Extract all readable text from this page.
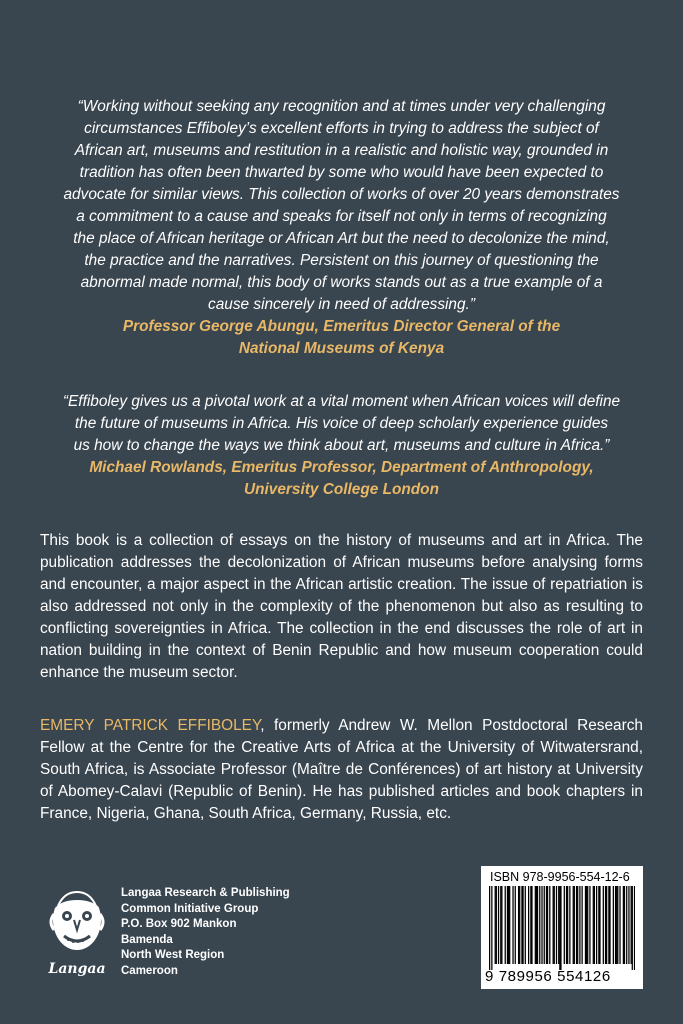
“Working without seeking any recognition and at times under very challenging
circumstances Effiboley’s excellent efforts in trying to address the subject of
African art, museums and restitution in a realistic and holistic way, grounded in
tradition has often been thwarted by some who would have been expected to
advocate for similar views. This collection of works of over 20 years demonstrates
a commitment to a cause and speaks for itself not only in terms of recognizing
the place of African heritage or African Art but the need to decolonize the mind,
the practice and the narratives. Persistent on this journey of questioning the
abnormal made normal, this body of works stands out as a true example of a
cause sincerely in need of addressing.”
Professor George Abungu, Emeritus Director General of the
National Museums of Kenya

“Effiboley gives us a pivotal work at a vital moment when African voices will define
the future of museums in Africa. His voice of deep scholarly experience guides
us how to change the ways we think about art, museums and culture in Africa.”
Michael Rowlands, Emeritus Professor, Department of Anthropology,
University College London

This book is a collection of essays on the history of museums and art in Africa. The publication addresses the decolonization of African museums before analysing forms and encounter, a major aspect in the African artistic creation. The issue of repatriation is also addressed not only in the complexity of the phenomenon but also as resulting to conflicting sovereignties in Africa. The collection in the end discusses the role of art in nation building in the context of Benin Republic and how museum cooperation could enhance the museum sector.

EMERY PATRICK EFFIBOLEY, formerly Andrew W. Mellon Postdoctoral Research Fellow at the Centre for the Creative Arts of Africa at the University of Witwatersrand, South Africa, is Associate Professor (Maître de Conférences) of art history at University of Abomey-Calavi (Republic of Benin). He has published articles and book chapters in France, Nigeria, Ghana, South Africa, Germany, Russia, etc.

Langaa
Langaa Research & Publishing
Common Initiative Group
P.O. Box 902 Mankon
Bamenda
North West Region
Cameroon
ISBN 978-9956-554-12-6
9 789956 554126
